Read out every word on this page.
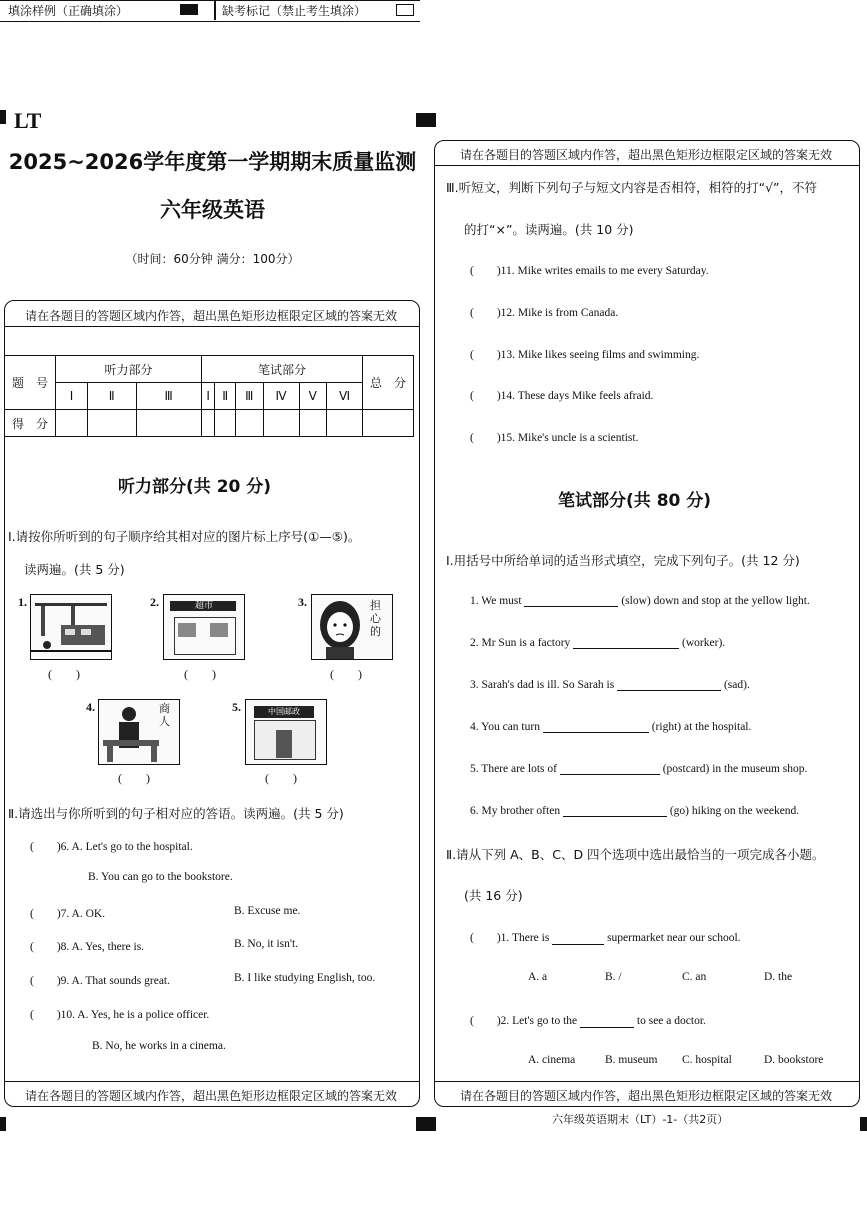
LT
2025~2026学年度第一学期期末质量监测
六年级英语
（时间：60分钟 满分：100分）
填涂样例（正确填涂）	缺考标记（禁止考生填涂）
请在各题目的答题区域内作答，超出黑色矩形边框限定区域的答案无效
题　号	听力部分			笔试部分						总　分
	Ⅰ	Ⅱ	Ⅲ	Ⅰ	Ⅱ	Ⅲ	Ⅳ	Ⅴ	Ⅵ	
得　分										
听力部分(共 20 分)
Ⅰ.请按你所听到的句子顺序给其相对应的图片标上序号(①—⑤)。
读两遍。(共 5 分)
1.
(　　)
2.	超市
(　　)
3.	担心的
(　　)
4.	商人
(　　)
5.	中国邮政
(　　)
Ⅱ.请选出与你所听到的句子相对应的答语。读两遍。(共 5 分)
(　　)6. A. Let's go to the hospital.
B. You can go to the bookstore.
(　　)7. A. OK.	B. Excuse me.
(　　)8. A. Yes, there is.	B. No, it isn't.
(　　)9. A. That sounds great.	B. I like studying English, too.
(　　)10. A. Yes, he is a police officer.
B. No, he works in a cinema.
请在各题目的答题区域内作答，超出黑色矩形边框限定区域的答案无效
请在各题目的答题区域内作答，超出黑色矩形边框限定区域的答案无效
Ⅲ.听短文，判断下列句子与短文内容是否相符，相符的打“√”，不符
的打“×”。读两遍。(共 10 分)
(　　)11. Mike writes emails to me every Saturday.
(　　)12. Mike is from Canada.
(　　)13. Mike likes seeing films and swimming.
(　　)14. These days Mike feels afraid.
(　　)15. Mike's uncle is a scientist.
笔试部分(共 80 分)
Ⅰ.用括号中所给单词的适当形式填空，完成下列句子。(共 12 分)
1. We must	(slow) down and stop at the yellow light.
2. Mr Sun is a factory	(worker).
3. Sarah's dad is ill. So Sarah is	(sad).
4. You can turn	(right) at the hospital.
5. There are lots of	(postcard) in the museum shop.
6. My brother often	(go) hiking on the weekend.
Ⅱ.请从下列 A、B、C、D 四个选项中选出最恰当的一项完成各小题。
(共 16 分)
(　　)1. There is	supermarket near our school.
A. a	B. /	C. an	D. the
(　　)2. Let's go to the	to see a doctor.
A. cinema	B. museum C. hospital	D. bookstore
请在各题目的答题区域内作答，超出黑色矩形边框限定区域的答案无效
六年级英语期末（LT）-1-（共2页）
